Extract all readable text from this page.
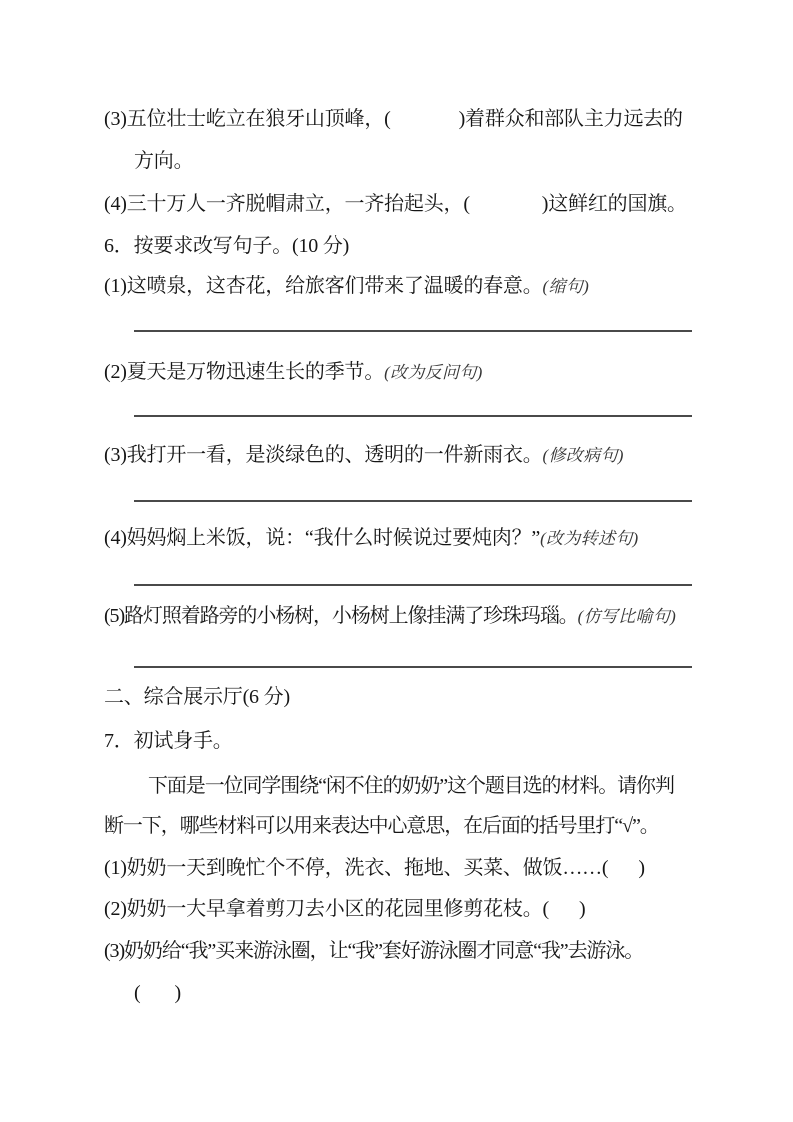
(3)五位壮士屹立在狼牙山顶峰，(	)着群众和部队主力远去的
方向。
(4)三十万人一齐脱帽肃立，一齐抬起头，(	)这鲜红的国旗。
6．按要求改写句子。(10 分)
(1)这喷泉，这杏花，给旅客们带来了温暖的春意。(缩句)
(2)夏天是万物迅速生长的季节。(改为反问句)
(3)我打开一看，是淡绿色的、透明的一件新雨衣。(修改病句)
(4)妈妈焖上米饭，说：“我什么时候说过要炖肉？”(改为转述句)
(5)路灯照着路旁的小杨树，小杨树上像挂满了珍珠玛瑙。(仿写比喻句)
二、综合展示厅(6 分)
7．初试身手。
下面是一位同学围绕“闲不住的奶奶”这个题目选的材料。请你判
断一下，哪些材料可以用来表达中心意思，在后面的括号里打“√”。
(1)奶奶一天到晚忙个不停，洗衣、拖地、买菜、做饭……( )
(2)奶奶一大早拿着剪刀去小区的花园里修剪花枝。( )
(3)奶奶给“我”买来游泳圈，让“我”套好游泳圈才同意“我”去游泳。
( )
